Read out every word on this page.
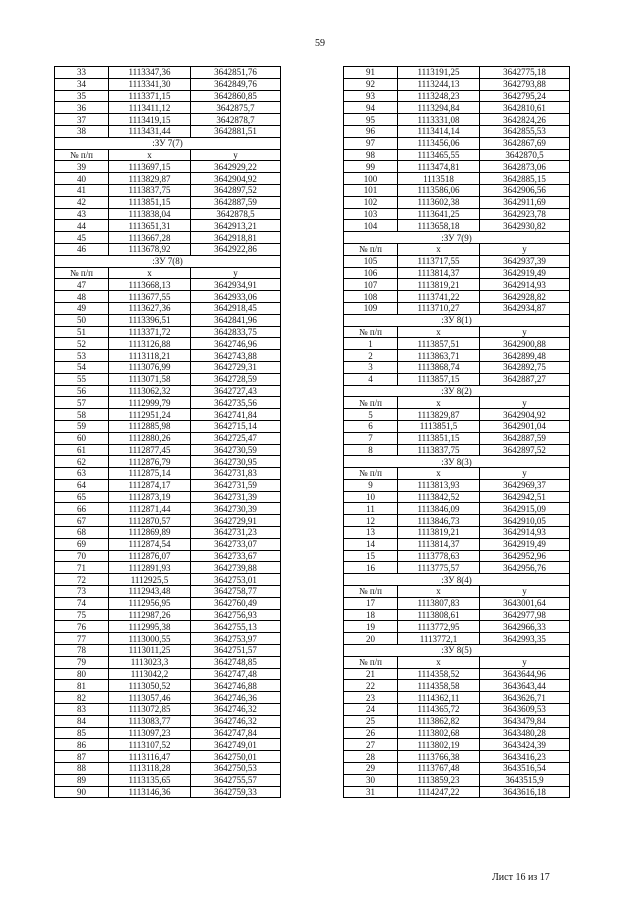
59
33	1113347,36	3642851,76
34	1113341,30	3642849,76
35	1113371,15	3642860,85
36	1113411,12	3642875,7
37	1113419,15	3642878,7
38	1113431,44	3642881,51
:ЗУ 7(7)		
№ п/п	x	y
39	1113697,15	3642929,22
40	1113829,87	3642904,92
41	1113837,75	3642897,52
42	1113851,15	3642887,59
43	1113838,04	3642878,5
44	1113651,31	3642913,21
45	1113667,28	3642918,81
46	1113678,92	3642922,86
:ЗУ 7(8)		
№ п/п	x	y
47	1113668,13	3642934,91
48	1113677,55	3642933,06
49	1113627,36	3642918,45
50	1113396,51	3642841,96
51	1113371,72	3642833,75
52	1113126,88	3642746,96
53	1113118,21	3642743,88
54	1113076,99	3642729,31
55	1113071,58	3642728,59
56	1113062,32	3642727,43
57	1112999,79	3642735,56
58	1112951,24	3642741,84
59	1112885,98	3642715,14
60	1112880,26	3642725,47
61	1112877,45	3642730,59
62	1112876,79	3642730,95
63	1112875,14	3642731,83
64	1112874,17	3642731,59
65	1112873,19	3642731,39
66	1112871,44	3642730,39
67	1112870,57	3642729,91
68	1112869,89	3642731,23
69	1112874,54	3642733,07
70	1112876,07	3642733,67
71	1112891,93	3642739,88
72	1112925,5	3642753,01
73	1112943,48	3642758,77
74	1112956,95	3642760,49
75	1112987,26	3642756,93
76	1112995,38	3642755,13
77	1113000,55	3642753,97
78	1113011,25	3642751,57
79	1113023,3	3642748,85
80	1113042,2	3642747,48
81	1113050,52	3642746,88
82	1113057,46	3642746,36
83	1113072,85	3642746,32
84	1113083,77	3642746,32
85	1113097,23	3642747,84
86	1113107,52	3642749,01
87	1113116,47	3642750,01
88	1113118,28	3642750,53
89	1113135,65	3642755,57
90	1113146,36	3642759,33
91	1113191,25	3642775,18
92	1113244,13	3642793,88
93	1113248,23	3642795,24
94	1113294,84	3642810,61
95	1113331,08	3642824,26
96	1113414,14	3642855,53
97	1113456,06	3642867,69
98	1113465,55	3642870,5
99	1113474,81	3642873,06
100	1113518	3642885,15
101	1113586,06	3642906,56
102	1113602,38	3642911,69
103	1113641,25	3642923,78
104	1113658,18	3642930,82
:ЗУ 7(9)		
№ п/п	x	y
105	1113717,55	3642937,39
106	1113814,37	3642919,49
107	1113819,21	3642914,93
108	1113741,22	3642928,82
109	1113710,27	3642934,87
:ЗУ 8(1)		
№ п/п	x	y
1	1113857,51	3642900,88
2	1113863,71	3642899,48
3	1113868,74	3642892,75
4	1113857,15	3642887,27
:ЗУ 8(2)		
№ п/п	x	y
5	1113829,87	3642904,92
6	1113851,5	3642901,04
7	1113851,15	3642887,59
8	1113837,75	3642897,52
:ЗУ 8(3)		
№ п/п	x	y
9	1113813,93	3642969,37
10	1113842,52	3642942,51
11	1113846,09	3642915,09
12	1113846,73	3642910,05
13	1113819,21	3642914,93
14	1113814,37	3642919,49
15	1113778,63	3642952,96
16	1113775,57	3642956,76
:ЗУ 8(4)		
№ п/п	x	y
17	1113807,83	3643001,64
18	1113808,61	3642977,98
19	1113772,95	3642966,33
20	1113772,1	3642993,35
:ЗУ 8(5)		
№ п/п	x	y
21	1114358,52	3643644,96
22	1114358,58	3643643,44
23	1114362,11	3643626,71
24	1114365,72	3643609,53
25	1113862,82	3643479,84
26	1113802,68	3643480,28
27	1113802,19	3643424,39
28	1113766,38	3643416,23
29	1113767,48	3643516,54
30	1113859,23	3643515,9
31	1114247,22	3643616,18
Лист 16 из 17
